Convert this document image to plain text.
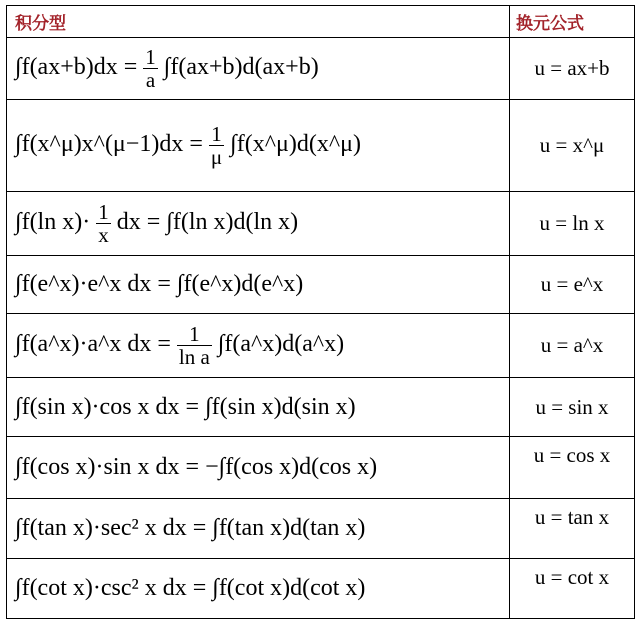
积分型	换元公式
$\int f(ax+b)dx = \frac{1}{a} \int f(ax+b)d(ax+b)$	u = ax+b
∫f(x^μ)x^(μ−1)dx = $\frac{1}{\mu}$ ∫f(x^μ)d(x^μ)	u = x^μ
∫f(ln $x)\cdot \frac{1}{x}$ dx = ∫f(ln x)d(ln x)	u = ln x
∫f(e^x)·e^x dx = ∫f(e^x)d(e^x)	u = e^x
∫f(a^x)·a^x dx = $\frac{1}{\text{ln a}}$ ∫f(a^x)d(a^x)	u = a^x
∫f(sin x)·cos x dx = ∫f(sin x)d(sin x)	u = sin x
∫f(cos x)·sin x dx = −∫f(cos x)d(cos x)	u = cos x
∫f(tan x)·sec² x dx = ∫f(tan x)d(tan x)	u = tan x
∫f(cot x)·csc² x dx = ∫f(cot x)d(cot x)	u = cot x
